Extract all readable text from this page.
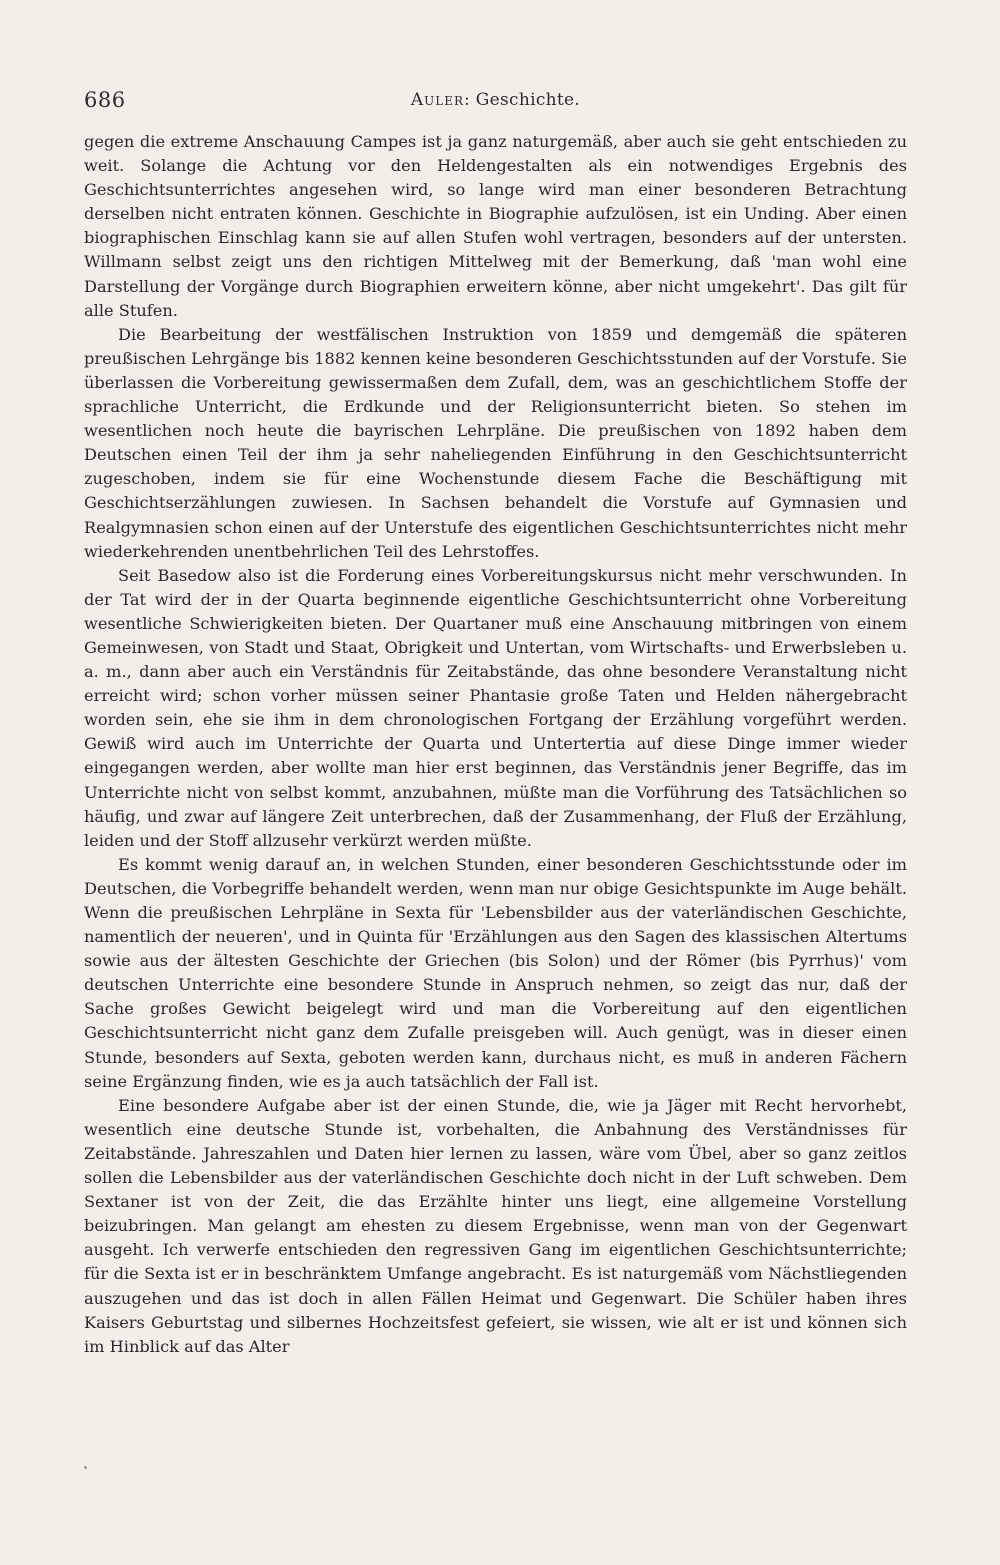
686	Auler: Geschichte.

gegen die extreme Anschauung Campes ist ja ganz naturgemäß, aber auch sie geht entschieden zu weit. Solange die Achtung vor den Heldengestalten als ein notwendiges Ergebnis des Geschichtsunterrichtes angesehen wird, so lange wird man einer besonderen Betrachtung derselben nicht entraten können. Geschichte in Biographie aufzulösen, ist ein Unding. Aber einen biographischen Einschlag kann sie auf allen Stufen wohl vertragen, besonders auf der untersten. Willmann selbst zeigt uns den richtigen Mittelweg mit der Bemerkung, daß 'man wohl eine Darstellung der Vorgänge durch Biographien erweitern könne, aber nicht umgekehrt'. Das gilt für alle Stufen.

Die Bearbeitung der westfälischen Instruktion von 1859 und demgemäß die späteren preußischen Lehrgänge bis 1882 kennen keine besonderen Geschichtsstunden auf der Vorstufe. Sie überlassen die Vorbereitung gewissermaßen dem Zufall, dem, was an geschichtlichem Stoffe der sprachliche Unterricht, die Erdkunde und der Religionsunterricht bieten. So stehen im wesentlichen noch heute die bayrischen Lehrpläne. Die preußischen von 1892 haben dem Deutschen einen Teil der ihm ja sehr naheliegenden Einführung in den Geschichtsunterricht zugeschoben, indem sie für eine Wochenstunde diesem Fache die Beschäftigung mit Geschichtserzählungen zuwiesen. In Sachsen behandelt die Vorstufe auf Gymnasien und Realgymnasien schon einen auf der Unterstufe des eigentlichen Geschichtsunterrichtes nicht mehr wiederkehrenden unentbehrlichen Teil des Lehrstoffes.

Seit Basedow also ist die Forderung eines Vorbereitungskursus nicht mehr verschwunden. In der Tat wird der in der Quarta beginnende eigentliche Geschichtsunterricht ohne Vorbereitung wesentliche Schwierigkeiten bieten. Der Quartaner muß eine Anschauung mitbringen von einem Gemeinwesen, von Stadt und Staat, Obrigkeit und Untertan, vom Wirtschafts- und Erwerbsleben u. a. m., dann aber auch ein Verständnis für Zeitabstände, das ohne besondere Veranstaltung nicht erreicht wird; schon vorher müssen seiner Phantasie große Taten und Helden nähergebracht worden sein, ehe sie ihm in dem chronologischen Fortgang der Erzählung vorgeführt werden. Gewiß wird auch im Unterrichte der Quarta und Untertertia auf diese Dinge immer wieder eingegangen werden, aber wollte man hier erst beginnen, das Verständnis jener Begriffe, das im Unterrichte nicht von selbst kommt, anzubahnen, müßte man die Vorführung des Tatsächlichen so häufig, und zwar auf längere Zeit unterbrechen, daß der Zusammenhang, der Fluß der Erzählung, leiden und der Stoff allzusehr verkürzt werden müßte.

Es kommt wenig darauf an, in welchen Stunden, einer besonderen Geschichtsstunde oder im Deutschen, die Vorbegriffe behandelt werden, wenn man nur obige Gesichtspunkte im Auge behält. Wenn die preußischen Lehrpläne in Sexta für 'Lebensbilder aus der vaterländischen Geschichte, namentlich der neueren', und in Quinta für 'Erzählungen aus den Sagen des klassischen Altertums sowie aus der ältesten Geschichte der Griechen (bis Solon) und der Römer (bis Pyrrhus)' vom deutschen Unterrichte eine besondere Stunde in Anspruch nehmen, so zeigt das nur, daß der Sache großes Gewicht beigelegt wird und man die Vorbereitung auf den eigentlichen Geschichtsunterricht nicht ganz dem Zufalle preisgeben will. Auch genügt, was in dieser einen Stunde, besonders auf Sexta, geboten werden kann, durchaus nicht, es muß in anderen Fächern seine Ergänzung finden, wie es ja auch tatsächlich der Fall ist.

Eine besondere Aufgabe aber ist der einen Stunde, die, wie ja Jäger mit Recht hervorhebt, wesentlich eine deutsche Stunde ist, vorbehalten, die Anbahnung des Verständnisses für Zeitabstände. Jahreszahlen und Daten hier lernen zu lassen, wäre vom Übel, aber so ganz zeitlos sollen die Lebensbilder aus der vaterländischen Geschichte doch nicht in der Luft schweben. Dem Sextaner ist von der Zeit, die das Erzählte hinter uns liegt, eine allgemeine Vorstellung beizubringen. Man gelangt am ehesten zu diesem Ergebnisse, wenn man von der Gegenwart ausgeht. Ich verwerfe entschieden den regressiven Gang im eigentlichen Geschichtsunterrichte; für die Sexta ist er in beschränktem Umfange angebracht. Es ist naturgemäß vom Nächstliegenden auszugehen und das ist doch in allen Fällen Heimat und Gegenwart. Die Schüler haben ihres Kaisers Geburtstag und silbernes Hochzeitsfest gefeiert, sie wissen, wie alt er ist und können sich im Hinblick auf das Alter
